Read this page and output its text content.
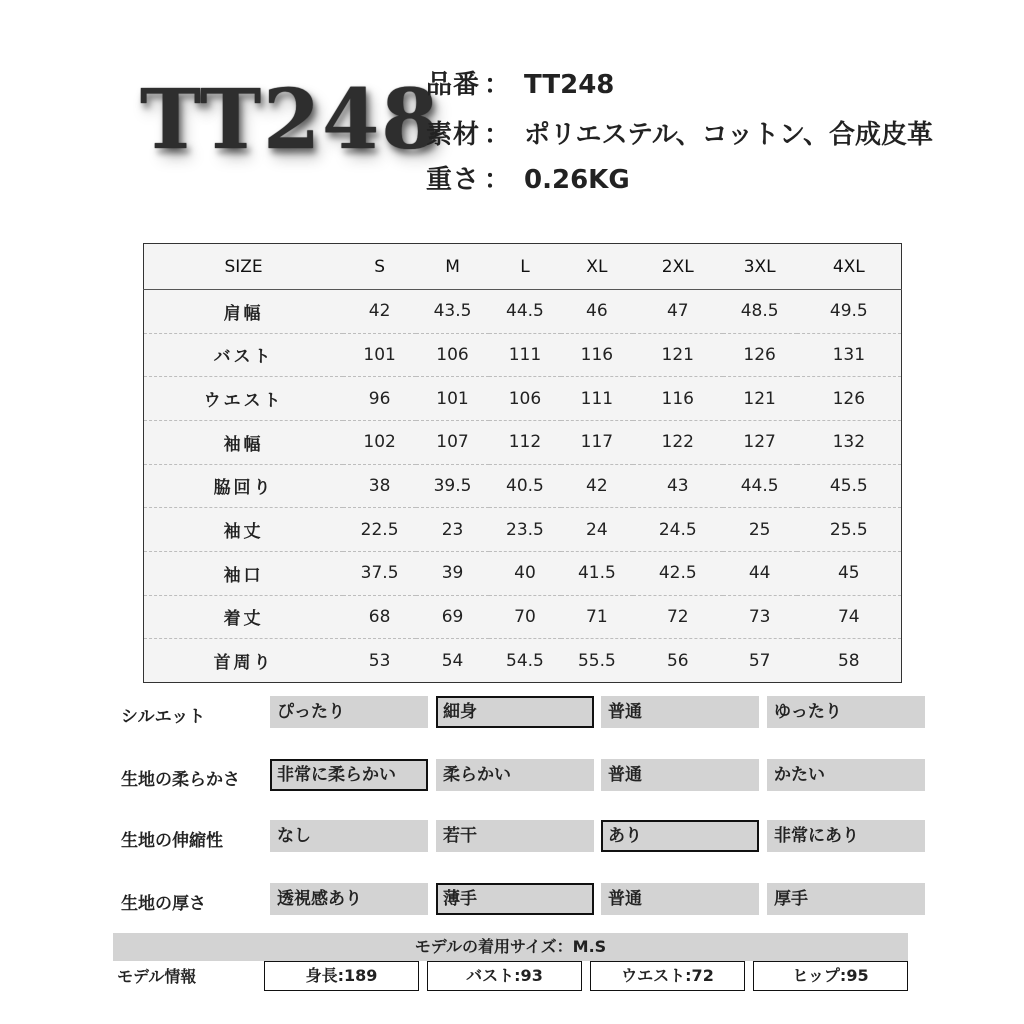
TT248
品番 ： TT248
素材 ： ポリエステル、コットン、合成皮革
重さ ： 0.26KG
SIZE	S	M	L	XL	2XL	3XL	4XL
肩幅	42	43.5	44.5	46	47	48.5	49.5
バスト	101	106	111	116	121	126	131
ウエスト	96	101	106	111	116	121	126
袖幅	102	107	112	117	122	127	132
脇回り	38	39.5	40.5	42	43	44.5	45.5
袖丈	22.5	23	23.5	24	24.5	25	25.5
袖口	37.5	39	40	41.5	42.5	44	45
着丈	68	69	70	71	72	73	74
首周り	53	54	54.5	55.5	56	57	58
シルエット	ぴったり	細身	普通	ゆったり
生地の柔らかさ	非常に柔らかい	柔らかい	普通	かたい
生地の伸縮性	なし	若干	あり	非常にあり
生地の厚さ	透視感あり	薄手	普通	厚手
モデルの着用サイズ：M.S
モデル情報	身長:189	バスト:93	ウエスト:72	ヒップ:95
